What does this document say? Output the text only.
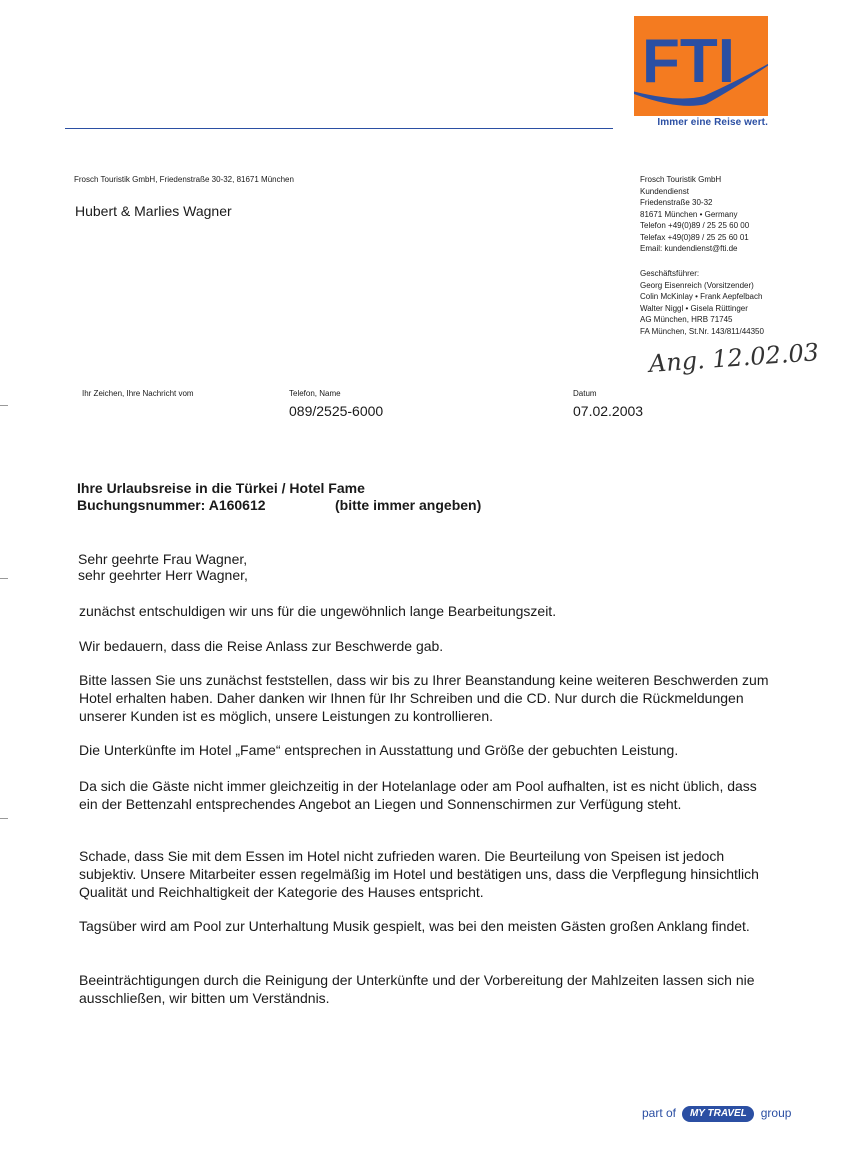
FTI
Immer eine Reise wert.
Frosch Touristik GmbH, Friedenstraße 30-32, 81671 München
Hubert & Marlies Wagner
Frosch Touristik GmbH
Kundendienst
Friedenstraße 30-32
81671 München • Germany
Telefon +49(0)89 / 25 25 60 00
Telefax +49(0)89 / 25 25 60 01
Email: kundendienst@fti.de
Geschäftsführer:
Georg Eisenreich (Vorsitzender)
Colin McKinlay • Frank Aepfelbach
Walter Niggl • Gisela Rüttinger
AG München, HRB 71745
FA München, St.Nr. 143/811/44350
Ang. 12.02.03
Ihr Zeichen, Ihre Nachricht vom	Telefon, Name
089/2525-6000
Datum
07.02.2003
Ihre Urlaubsreise in die Türkei / Hotel Fame
Buchungsnummer: A160612	(bitte immer angeben)
Sehr geehrte Frau Wagner,
sehr geehrter Herr Wagner,

zunächst entschuldigen wir uns für die ungewöhnlich lange Bearbeitungszeit.

Wir bedauern, dass die Reise Anlass zur Beschwerde gab.

Bitte lassen Sie uns zunächst feststellen, dass wir bis zu Ihrer Beanstandung keine weiteren Beschwerden zum Hotel erhalten haben. Daher danken wir Ihnen für Ihr Schreiben und die CD. Nur durch die Rückmeldungen unserer Kunden ist es möglich, unsere Leistungen zu kontrollieren.

Die Unterkünfte im Hotel „Fame“ entsprechen in Ausstattung und Größe der gebuchten Leistung.

Da sich die Gäste nicht immer gleichzeitig in der Hotelanlage oder am Pool aufhalten, ist es nicht üblich, dass ein der Bettenzahl entsprechendes Angebot an Liegen und Sonnenschirmen zur Verfügung steht.

Schade, dass Sie mit dem Essen im Hotel nicht zufrieden waren. Die Beurteilung von Speisen ist jedoch subjektiv. Unsere Mitarbeiter essen regelmäßig im Hotel und bestätigen uns, dass die Verpflegung hinsichtlich Qualität und Reichhaltigkeit der Kategorie des Hauses entspricht.

Tagsüber wird am Pool zur Unterhaltung Musik gespielt, was bei den meisten Gästen großen Anklang findet.

Beeinträchtigungen durch die Reinigung der Unterkünfte und der Vorbereitung der Mahlzeiten lassen sich nie ausschließen, wir bitten um Verständnis.

part of MY TRAVEL group
